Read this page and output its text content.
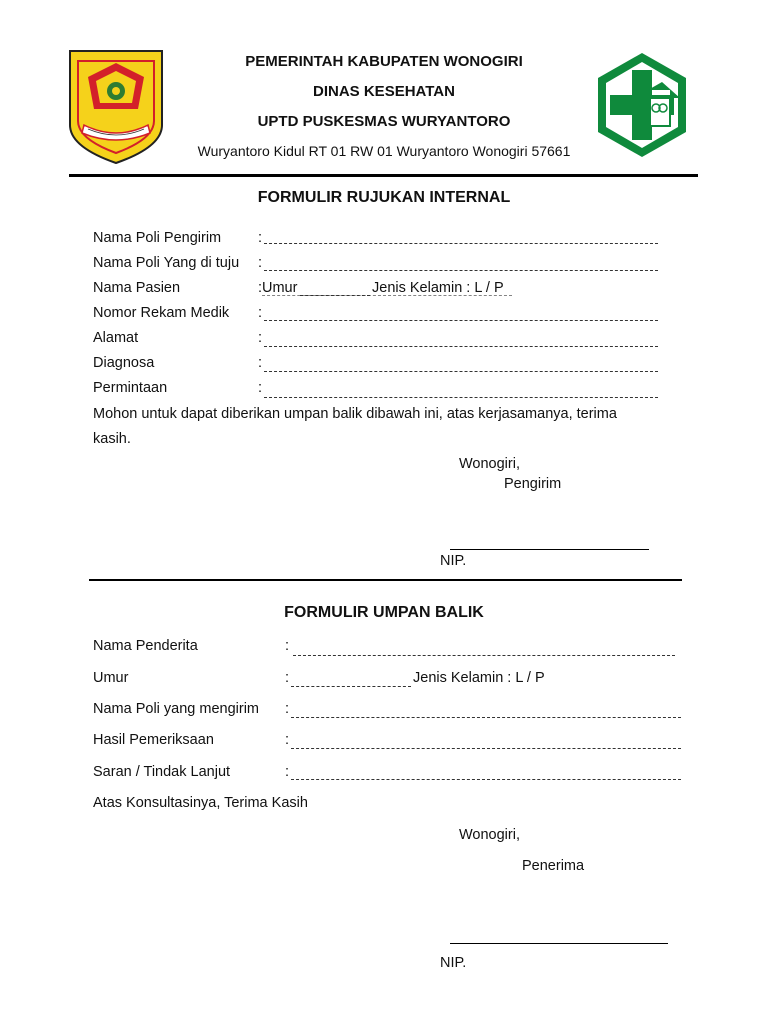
PEMERINTAH KABUPATEN WONOGIRI
DINAS KESEHATAN
UPTD PUSKESMAS WURYANTORO
Wuryantoro Kidul RT 01 RW 01 Wuryantoro Wonogiri 57661
FORMULIR RUJUKAN INTERNAL
Nama Poli Pengirim	:
Nama Poli Yang di tuju :
Nama Pasien	: Umur	Jenis Kelamin : L / P
Nomor Rekam Medik :
Alamat	:
Diagnosa	:
Permintaan	:
Mohon untuk dapat diberikan umpan balik dibawah ini, atas kerjasamanya, terima
kasih.
Wonogiri,
Pengirim
NIP.
FORMULIR UMPAN BALIK
Nama Penderita	:
Umur	:	Jenis Kelamin : L / P
Nama Poli yang mengirim :
Hasil Pemeriksaan	:
Saran / Tindak Lanjut	:
Atas Konsultasinya, Terima Kasih
Wonogiri,
Penerima
NIP.
